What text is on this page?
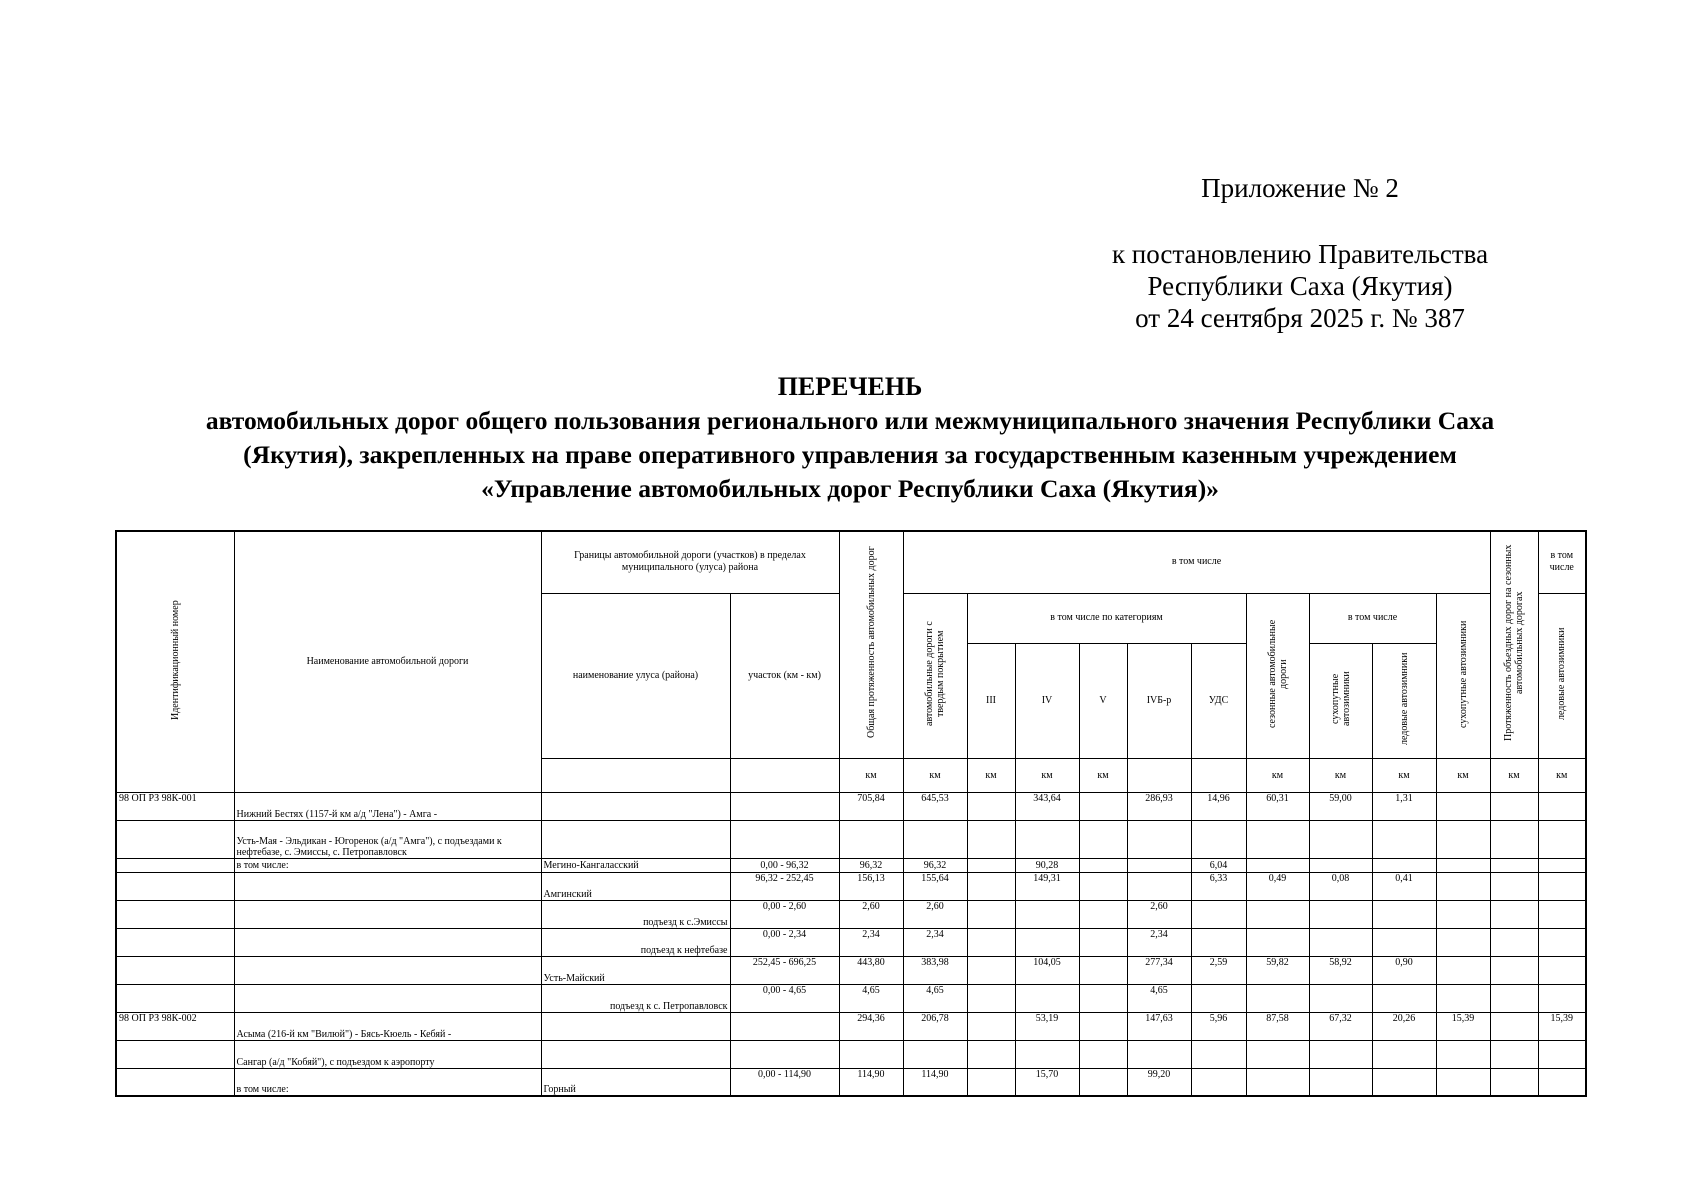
Приложение № 2
к постановлению Правительства
Республики Саха (Якутия)
от 24 сентября 2025 г. № 387
ПЕРЕЧЕНЬ
автомобильных дорог общего пользования регионального или межмуниципального значения Республики Саха
(Якутия), закрепленных на праве оперативного управления за государственным казенным учреждением
«Управление автомобильных дорог Республики Саха (Якутия)»
Идентификационный номер	Наименование автомобильной дороги	Границы автомобильной дороги (участков) в пределах муниципального (улуса) района		Общая протяженность автомобильных дорог	в том числе										Протяженность объездных дорог на сезонных автомобильных дорогах	в том числе
		наименование улуса (района)	участок (км - км)		автомобильные дороги с твердым покрытием	в том числе по категориям					сезонные автомобильные дороги	в том числе		сухопутные автозимники		ледовые автозимники
						III	IV	V	IVБ-р	УДС		сухопутные автозимники	ледовые автозимники			
				км	км	км	км	км			км	км	км	км	км	км
98 ОП РЗ 98К-001	Нижний Бестях (1157-й км а/д "Лена") - Амга -			705,84	645,53		343,64		286,93	14,96	60,31	59,00	1,31			
	Усть-Мая - Эльдикан - Югоренок (а/д "Амга"), с подъездами к нефтебазе, с. Эмиссы, с. Петропавловск															
	в том числе:	Мегино-Кангаласский	0,00 - 96,32	96,32	96,32		90,28			6,04						
		Амгинский	96,32 - 252,45	156,13	155,64		149,31			6,33	0,49	0,08	0,41			
		подъезд к с.Эмиссы	0,00 - 2,60	2,60	2,60				2,60							
		подъезд к нефтебазе	0,00 - 2,34	2,34	2,34				2,34							
		Усть-Майский	252,45 - 696,25	443,80	383,98		104,05		277,34	2,59	59,82	58,92	0,90			
		подъезд к с. Петропавловск	0,00 - 4,65	4,65	4,65				4,65							
98 ОП РЗ 98К-002	Асыма (216-й км "Вилюй") - Бясь-Кюель - Кебяй -			294,36	206,78		53,19		147,63	5,96	87,58	67,32	20,26	15,39		15,39
	Сангар (а/д "Кобяй"), с подъездом к аэропорту															
	в том числе:	Горный	0,00 - 114,90	114,90	114,90		15,70		99,20							
